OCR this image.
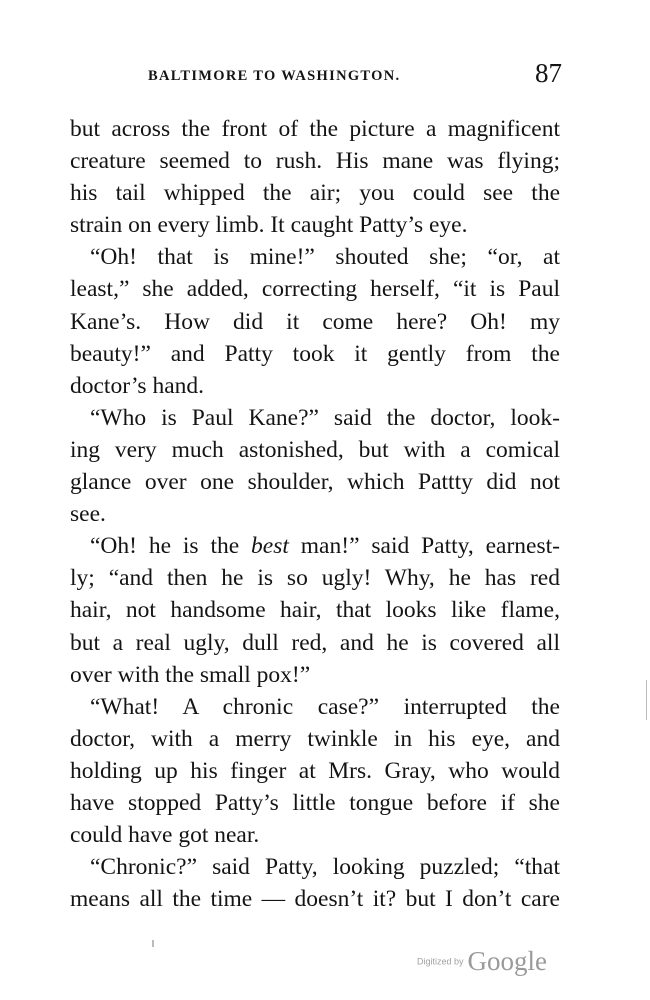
BALTIMORE TO WASHINGTON.	87
but across the front of the picture a magnificent
creature seemed to rush. His mane was flying;
his tail whipped the air; you could see the
strain on every limb. It caught Patty’s eye.
“Oh! that is mine!” shouted she; “or, at
least,” she added, correcting herself, “it is Paul
Kane’s. How did it come here? Oh! my
beauty!” and Patty took it gently from the
doctor’s hand.
“Who is Paul Kane?” said the doctor, look-
ing very much astonished, but with a comical
glance over one shoulder, which Pattty did not
see.
“Oh! he is the best man!” said Patty, earnest-
ly; “and then he is so ugly! Why, he has red
hair, not handsome hair, that looks like flame,
but a real ugly, dull red, and he is covered all
over with the small pox!”
“What! A chronic case?” interrupted the
doctor, with a merry twinkle in his eye, and
holding up his finger at Mrs. Gray, who would
have stopped Patty’s little tongue before if she
could have got near.
“Chronic?” said Patty, looking puzzled; “that
means all the time — doesn’t it? but I don’t care
Digitized by Google
